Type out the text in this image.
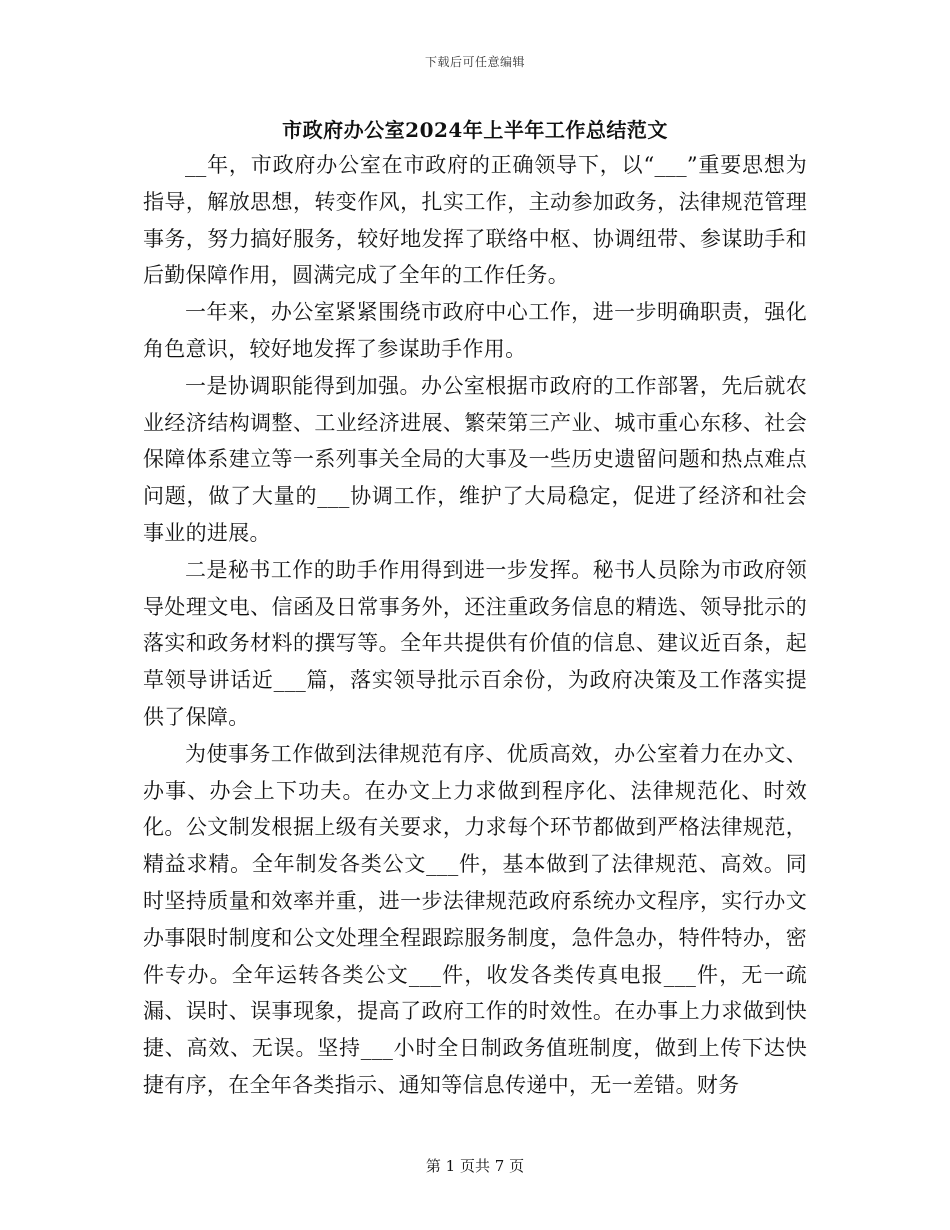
下载后可任意编辑
市政府办公室2024年上半年工作总结范文

__年，市政府办公室在市政府的正确领导下，以“___”重要思想为指导，解放思想，转变作风，扎实工作，主动参加政务，法律规范管理事务，努力搞好服务，较好地发挥了联络中枢、协调纽带、参谋助手和后勤保障作用，圆满完成了全年的工作任务。

一年来，办公室紧紧围绕市政府中心工作，进一步明确职责，强化角色意识，较好地发挥了参谋助手作用。

一是协调职能得到加强。办公室根据市政府的工作部署，先后就农业经济结构调整、工业经济进展、繁荣第三产业、城市重心东移、社会保障体系建立等一系列事关全局的大事及一些历史遗留问题和热点难点问题，做了大量的___协调工作，维护了大局稳定，促进了经济和社会事业的进展。

二是秘书工作的助手作用得到进一步发挥。秘书人员除为市政府领导处理文电、信函及日常事务外，还注重政务信息的精选、领导批示的落实和政务材料的撰写等。全年共提供有价值的信息、建议近百条，起草领导讲话近___篇，落实领导批示百余份，为政府决策及工作落实提供了保障。

为使事务工作做到法律规范有序、优质高效，办公室着力在办文、办事、办会上下功夫。在办文上力求做到程序化、法律规范化、时效化。公文制发根据上级有关要求，力求每个环节都做到严格法律规范，精益求精。全年制发各类公文___件，基本做到了法律规范、高效。同时坚持质量和效率并重，进一步法律规范政府系统办文程序，实行办文办事限时制度和公文处理全程跟踪服务制度，急件急办，特件特办，密件专办。全年运转各类公文___件，收发各类传真电报___件，无一疏漏、误时、误事现象，提高了政府工作的时效性。在办事上力求做到快捷、高效、无误。坚持___小时全日制政务值班制度，做到上传下达快捷有序，在全年各类指示、通知等信息传递中，无一差错。财务

第 1 页共 7 页
